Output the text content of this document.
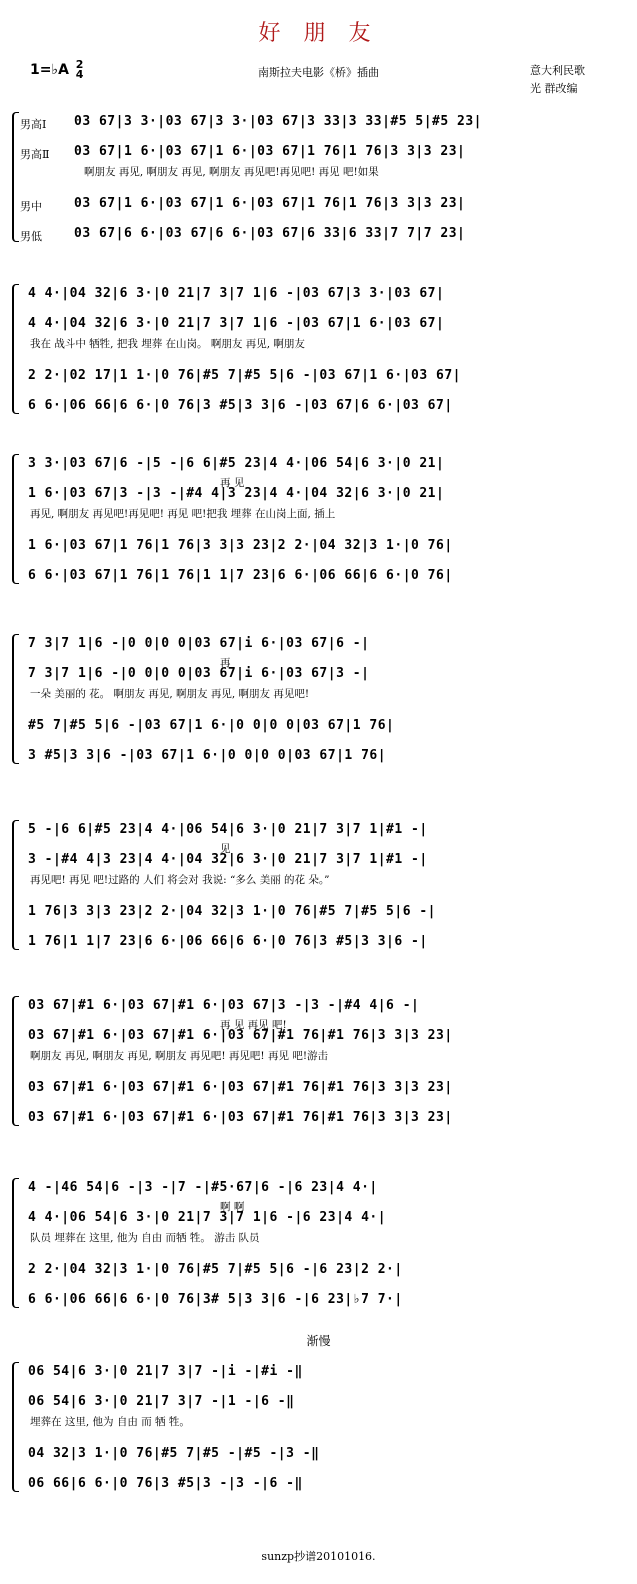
好 朋 友
1=♭A 2
4	南斯拉夫电影《桥》插曲	意大利民歌
光 群改编
男高Ⅰ 03 67|3 3·|03 67|3 3·|03 67|3 33|3 33|#5 5|#5 23|
男高Ⅱ 03 67|1 6·|03 67|1 6·|03 67|1 76|1 76|3 3|3 23|
男中 03 67|1 6·|03 67|1 6·|03 67|1 76|1 76|3 3|3 23|
男低 03 67|6 6·|03 67|6 6·|03 67|6 33|6 33|7 7|7 23|
啊朋友 再见, 啊朋友 再见, 啊朋友 再见吧!再见吧! 再见 吧!如果
4 4·|04 32|6 3·|0 21|7 3|7 1|6 -|03 67|3 3·|03 67|
4 4·|04 32|6 3·|0 21|7 3|7 1|6 -|03 67|1 6·|03 67|
2 2·|02 17|1 1·|0 76|#5 7|#5 5|6 -|03 67|1 6·|03 67|
6 6·|06 66|6 6·|0 76|3 #5|3 3|6 -|03 67|6 6·|03 67|
我在 战斗中 牺牲, 把我 埋葬 在山岗。 啊朋友 再见, 啊朋友
3 3·|03 67|6 -|5 -|6 6|#5 23|4 4·|06 54|6 3·|0 21|
1 6·|03 67|3 -|3 -|#4 4|3 23|4 4·|04 32|6 3·|0 21|
1 6·|03 67|1 76|1 76|3 3|3 23|2 2·|04 32|3 1·|0 76|
6 6·|03 67|1 76|1 76|1 1|7 23|6 6·|06 66|6 6·|0 76|
再 见
再见, 啊朋友 再见吧!再见吧! 再见 吧!把我 埋葬 在山岗上面, 插上
7 3|7 1|6 -|0 0|0 0|03 67|i 6·|03 67|6 -|
7 3|7 1|6 -|0 0|0 0|03 67|i 6·|03 67|3 -|
#5 7|#5 5|6 -|03 67|1 6·|0 0|0 0|03 67|1 76|
3 #5|3 3|6 -|03 67|1 6·|0 0|0 0|03 67|1 76|
再
一朵 美丽的 花。 啊朋友 再见, 啊朋友 再见, 啊朋友 再见吧!
5 -|6 6|#5 23|4 4·|06 54|6 3·|0 21|7 3|7 1|#1 -|
3 -|#4 4|3 23|4 4·|04 32|6 3·|0 21|7 3|7 1|#1 -|
1 76|3 3|3 23|2 2·|04 32|3 1·|0 76|#5 7|#5 5|6 -|
1 76|1 1|7 23|6 6·|06 66|6 6·|0 76|3 #5|3 3|6 -|
见
再见吧! 再见 吧!过路的 人们 将会对 我说: “多么 美丽 的花 朵。”
03 67|#1 6·|03 67|#1 6·|03 67|3 -|3 -|#4 4|6 -|
03 67|#1 6·|03 67|#1 6·|03 67|#1 76|#1 76|3 3|3 23|
03 67|#1 6·|03 67|#1 6·|03 67|#1 76|#1 76|3 3|3 23|
03 67|#1 6·|03 67|#1 6·|03 67|#1 76|#1 76|3 3|3 23|
再 见 再见 吧!
啊朋友 再见, 啊朋友 再见, 啊朋友 再见吧! 再见吧! 再见 吧!游击
4 -|46 54|6 -|3 -|7 -|#5·67|6 -|6 23|4 4·|
4 4·|06 54|6 3·|0 21|7 3|7 1|6 -|6 23|4 4·|
2 2·|04 32|3 1·|0 76|#5 7|#5 5|6 -|6 23|2 2·|
6 6·|06 66|6 6·|0 76|3# 5|3 3|6 -|6 23|♭7 7·|
啊 啊
队员 埋葬在 这里, 他为 自由 而牺 牲。 游击 队员
渐慢
06 54|6 3·|0 21|7 3|7 -|i -|#i -‖
06 54|6 3·|0 21|7 3|7 -|1 -|6 -‖
04 32|3 1·|0 76|#5 7|#5 -|#5 -|3 -‖
06 66|6 6·|0 76|3 #5|3 -|3 -|6 -‖
埋葬在 这里, 他为 自由 而 牺 牲。
sunzp抄谱20101016.
